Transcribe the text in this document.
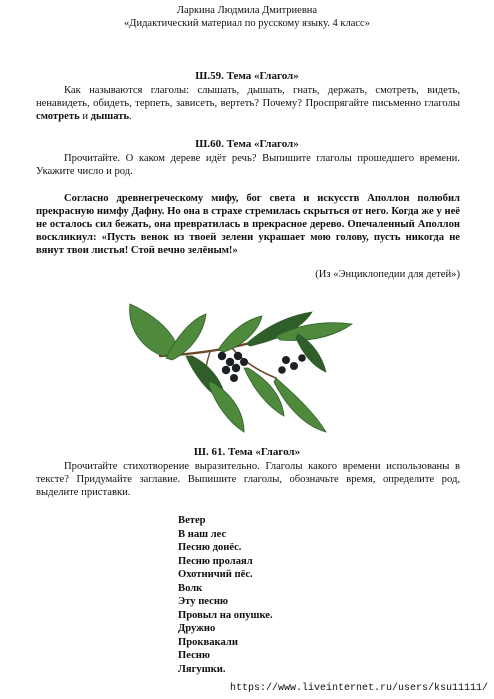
Ларкина Людмила Дмитриевна
«Дидактический материал по русскому языку. 4 класс»
Ш.59. Тема «Глагол»

Как называются глаголы: слышать, дышать, гнать, держать, смотреть, видеть, ненавидеть, обидеть, терпеть, зависеть, вертеть? Почему? Проспрягайте письменно глаголы смотреть и дышать.

Ш.60. Тема «Глагол»

Прочитайте. О каком дереве идёт речь? Выпишите глаголы прошедшего времени. Укажите число и род.

Согласно древнегреческому мифу, бог света и искусств Аполлон полюбил прекрасную нимфу Дафну. Но она в страхе стремилась скрыться от него. Когда же у неё не осталось сил бежать, она превратилась в прекрасное дерево. Опечаленный Аполлон воскликнул: «Пусть венок из твоей зелени украшает мою голову, пусть никогда не вянут твои листья! Стой вечно зелёным!»

(Из «Энциклопедии для детей»)
Ш. 61. Тема «Глагол»

Прочитайте стихотворение выразительно. Глаголы какого времени использованы в тексте? Придумайте заглавие. Выпишите глаголы, обозначьте время, определите род, выделите приставки.

Ветер
В наш лес
Песню донёс.
Песню пролаял
Охотничий пёс.
Волк
Эту песню
Провыл на опушке.
Дружно
Проквакали
Песню
Лягушки.
https://www.liveinternet.ru/users/ksu11111/
